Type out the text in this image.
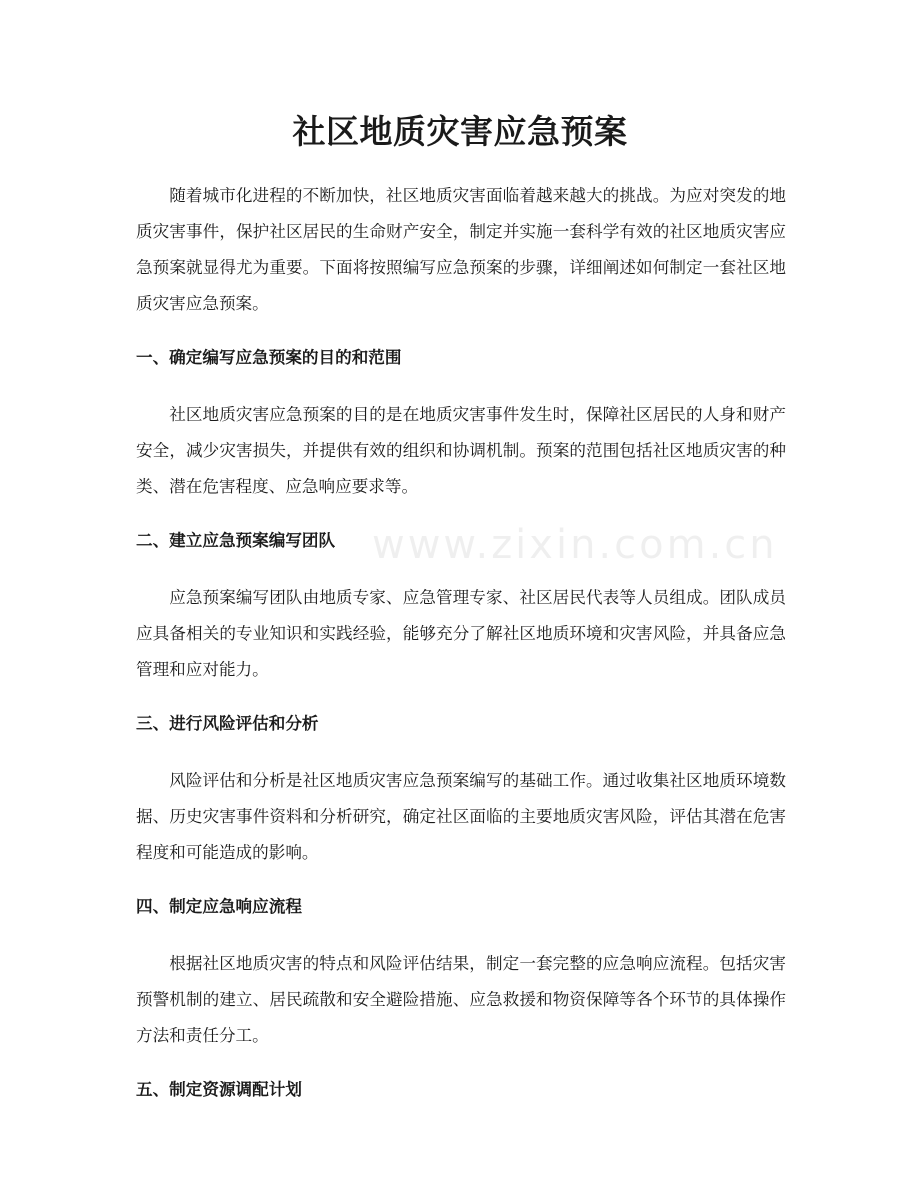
社区地质灾害应急预案

随着城市化进程的不断加快，社区地质灾害面临着越来越大的挑战。为应对突发的地质灾害事件，保护社区居民的生命财产安全，制定并实施一套科学有效的社区地质灾害应急预案就显得尤为重要。下面将按照编写应急预案的步骤，详细阐述如何制定一套社区地质灾害应急预案。

一、确定编写应急预案的目的和范围

社区地质灾害应急预案的目的是在地质灾害事件发生时，保障社区居民的人身和财产安全，减少灾害损失，并提供有效的组织和协调机制。预案的范围包括社区地质灾害的种类、潜在危害程度、应急响应要求等。

二、建立应急预案编写团队

应急预案编写团队由地质专家、应急管理专家、社区居民代表等人员组成。团队成员应具备相关的专业知识和实践经验，能够充分了解社区地质环境和灾害风险，并具备应急管理和应对能力。

三、进行风险评估和分析

风险评估和分析是社区地质灾害应急预案编写的基础工作。通过收集社区地质环境数据、历史灾害事件资料和分析研究，确定社区面临的主要地质灾害风险，评估其潜在危害程度和可能造成的影响。

四、制定应急响应流程

根据社区地质灾害的特点和风险评估结果，制定一套完整的应急响应流程。包括灾害预警机制的建立、居民疏散和安全避险措施、应急救援和物资保障等各个环节的具体操作方法和责任分工。

五、制定资源调配计划
www.zixin.com.cn
